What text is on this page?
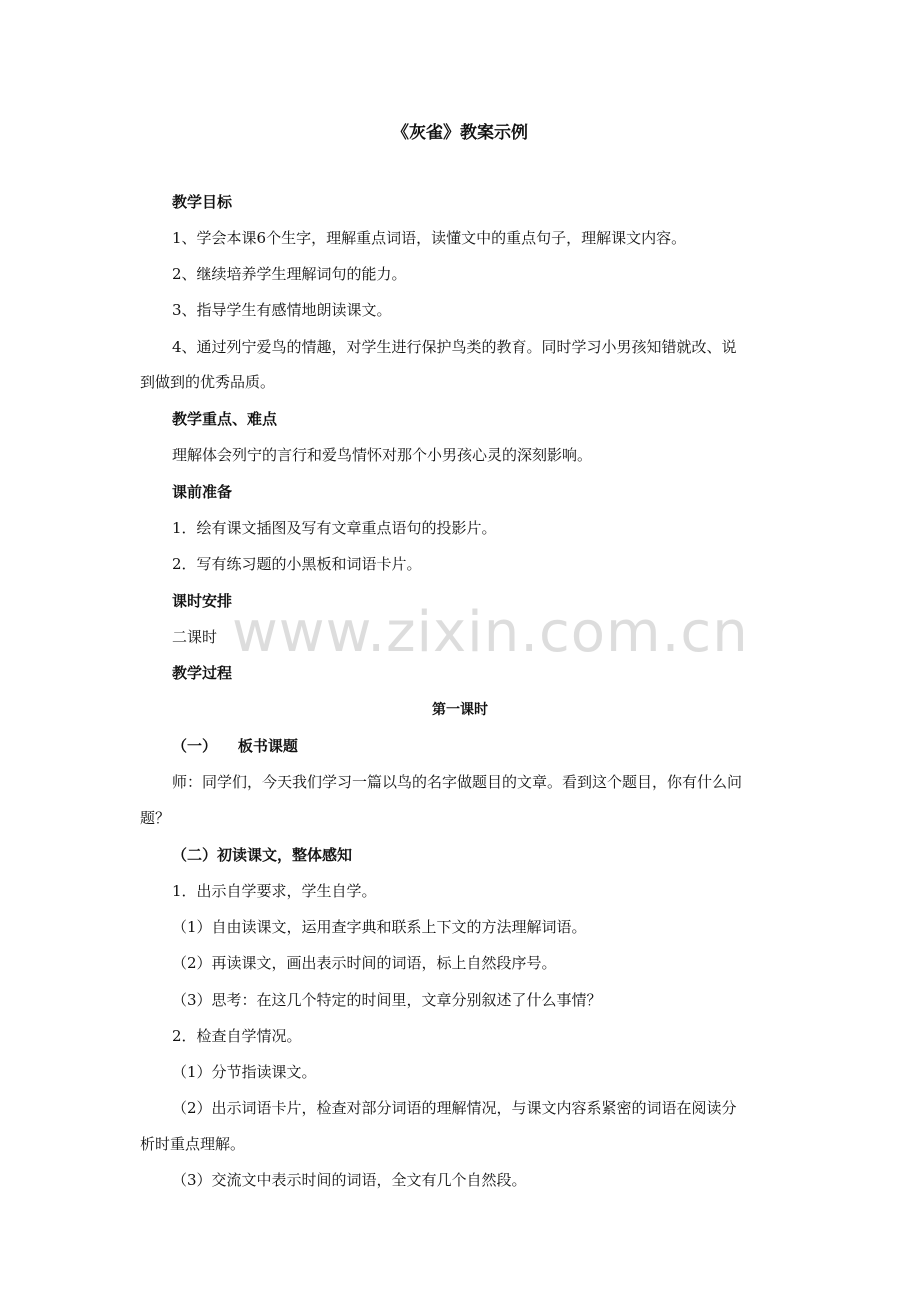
《灰雀》教案示例
教学目标
1、学会本课6个生字，理解重点词语，读懂文中的重点句子，理解课文内容。
2、继续培养学生理解词句的能力。
3、指导学生有感情地朗读课文。
4、通过列宁爱鸟的情趣，对学生进行保护鸟类的教育。同时学习小男孩知错就改、说
到做到的优秀品质。
教学重点、难点
理解体会列宁的言行和爱鸟情怀对那个小男孩心灵的深刻影响。
课前准备
1．绘有课文插图及写有文章重点语句的投影片。
2．写有练习题的小黑板和词语卡片。
课时安排
二课时
教学过程
第一课时
（一）    板书课题
师：同学们，今天我们学习一篇以鸟的名字做题目的文章。看到这个题目，你有什么问
题？
（二）初读课文，整体感知
1．出示自学要求，学生自学。
（1）自由读课文，运用查字典和联系上下文的方法理解词语。
（2）再读课文，画出表示时间的词语，标上自然段序号。
（3）思考：在这几个特定的时间里，文章分别叙述了什么事情？
2．检查自学情况。
（1）分节指读课文。
（2）出示词语卡片，检查对部分词语的理解情况，与课文内容系紧密的词语在阅读分
析时重点理解。
（3）交流文中表示时间的词语，全文有几个自然段。
www.zixin.com.cn
